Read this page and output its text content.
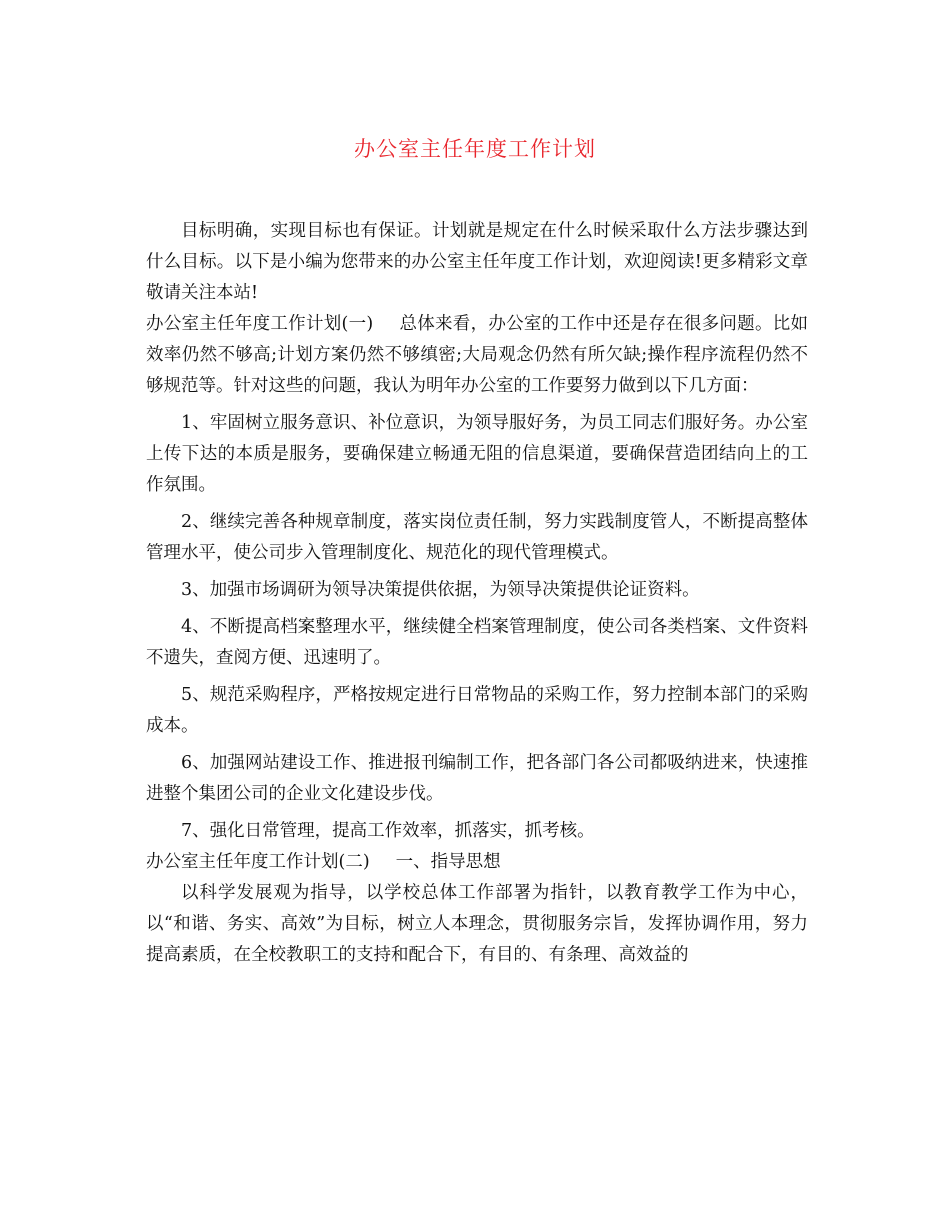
办公室主任年度工作计划

目标明确，实现目标也有保证。计划就是规定在什么时候采取什么方法步骤达到什么目标。以下是小编为您带来的办公室主任年度工作计划，欢迎阅读!更多精彩文章敬请关注本站!

办公室主任年度工作计划(一) 总体来看，办公室的工作中还是存在很多问题。比如效率仍然不够高;计划方案仍然不够缜密;大局观念仍然有所欠缺;操作程序流程仍然不够规范等。针对这些的问题，我认为明年办公室的工作要努力做到以下几方面：

1、牢固树立服务意识、补位意识，为领导服好务，为员工同志们服好务。办公室上传下达的本质是服务，要确保建立畅通无阻的信息渠道，要确保营造团结向上的工作氛围。

2、继续完善各种规章制度，落实岗位责任制，努力实践制度管人，不断提高整体管理水平，使公司步入管理制度化、规范化的现代管理模式。

3、加强市场调研为领导决策提供依据，为领导决策提供论证资料。

4、不断提高档案整理水平，继续健全档案管理制度，使公司各类档案、文件资料不遗失，查阅方便、迅速明了。

5、规范采购程序，严格按规定进行日常物品的采购工作，努力控制本部门的采购成本。

6、加强网站建设工作、推进报刊编制工作，把各部门各公司都吸纳进来，快速推进整个集团公司的企业文化建设步伐。

7、强化日常管理，提高工作效率，抓落实，抓考核。

办公室主任年度工作计划(二) 一、指导思想

以科学发展观为指导，以学校总体工作部署为指针，以教育教学工作为中心，以“和谐、务实、高效”为目标，树立人本理念，贯彻服务宗旨，发挥协调作用，努力提高素质，在全校教职工的支持和配合下，有目的、有条理、高效益的
